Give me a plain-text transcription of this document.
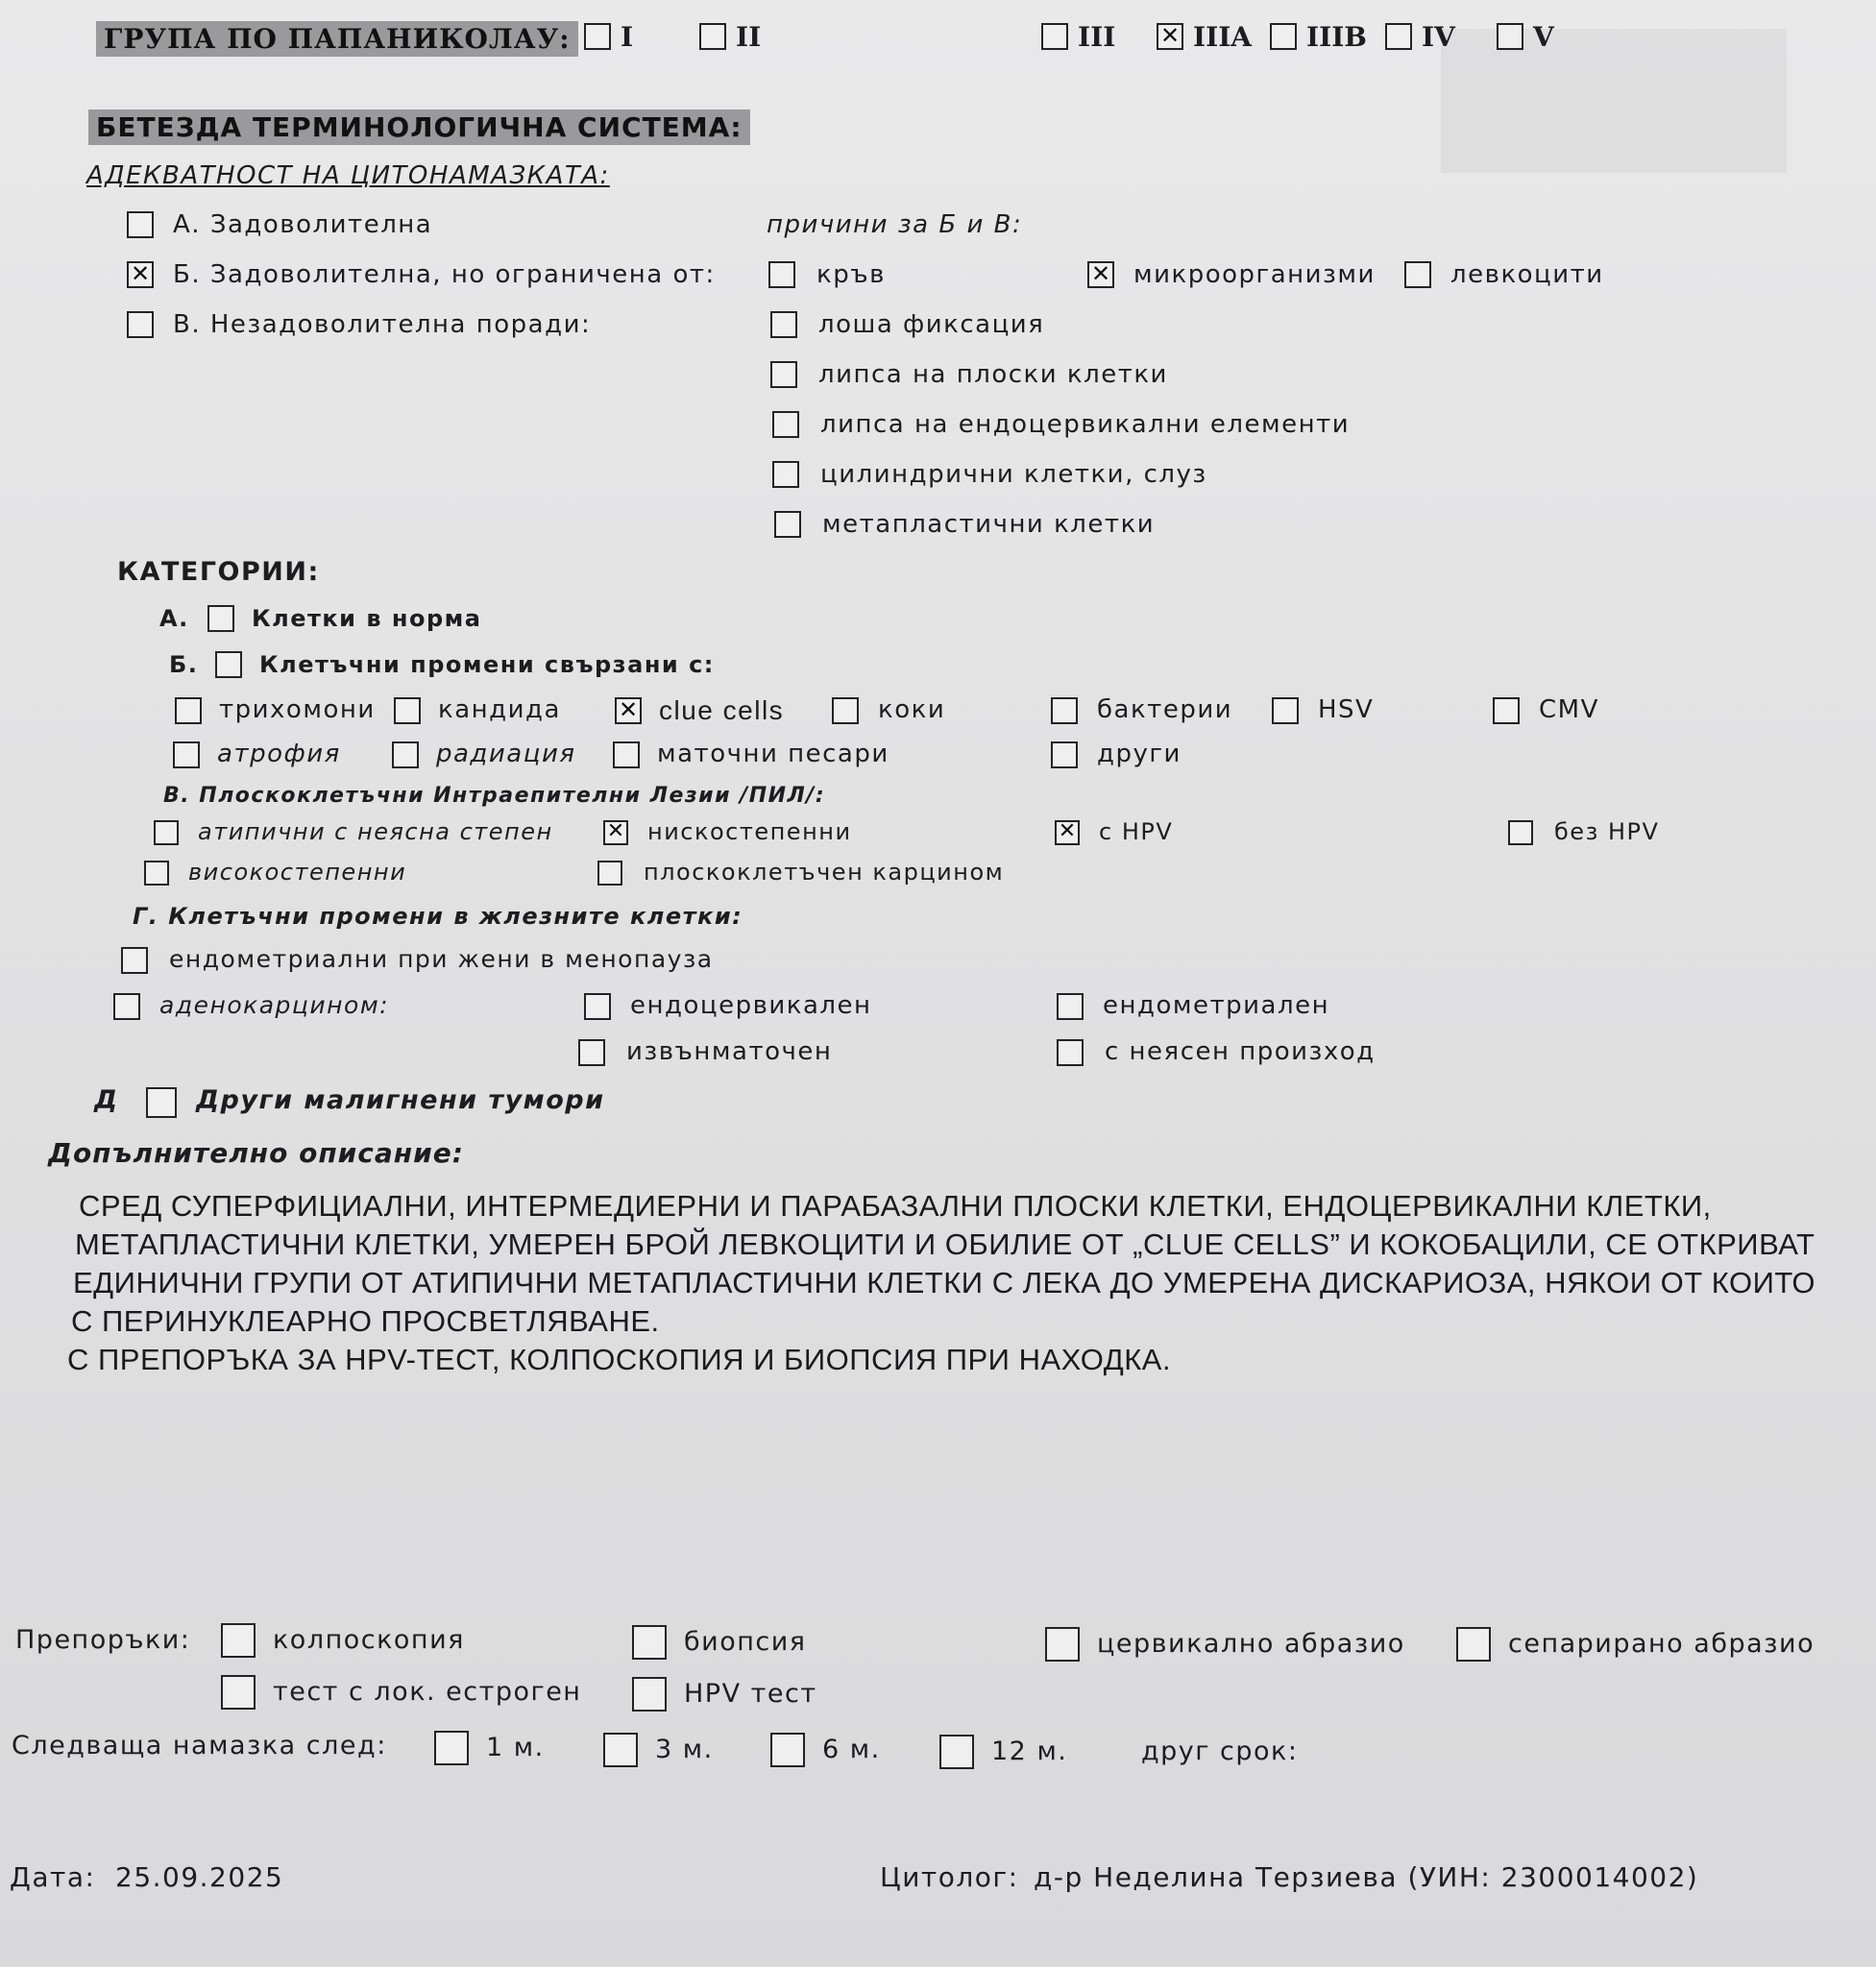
ГРУПА ПО ПАПАНИКОЛАУ: I	II	III ✕ IIIA IIIB IV	V
БЕТЕЗДА ТЕРМИНОЛОГИЧНА СИСТЕМА:
АДЕКВАТНОСТ НА ЦИТОНАМАЗКАТА:
А. Задоволителна
✕ Б. Задоволителна, но ограничена от:
В. Незадоволителна поради:
причини за Б и В:
кръв	✕ микроорганизми	левкоцити
лоша фиксация
липса на плоски клетки
липса на ендоцервикални елементи
цилиндрични клетки, слуз
метапластични клетки
КАТЕГОРИИ:
А.	Клетки в норма
Б.	Клетъчни промени свързани с:
трихомони	кандида	✕ clue cells	коки	бактерии	HSV	CMV
атрофия	радиация	маточни песари	други
В. Плоскоклетъчни Интраепителни Лезии /ПИЛ/:
атипични с неясна степен	✕ нискостепенни	✕ с HPV	без HPV
високостепенни	плоскоклетъчен карцином
Г. Клетъчни промени в жлезните клетки:
ендометриални при жени в менопауза
аденокарцином:	ендоцервикален	ендометриален
извънматочен	с неясен произход
Д	Други малигнени тумори
Допълнително описание:
СРЕД СУПЕРФИЦИАЛНИ, ИНТЕРМЕДИЕРНИ И ПАРАБАЗАЛНИ ПЛОСКИ КЛЕТКИ, ЕНДОЦЕРВИКАЛНИ КЛЕТКИ,
МЕТАПЛАСТИЧНИ КЛЕТКИ, УМЕРЕН БРОЙ ЛЕВКОЦИТИ И ОБИЛИЕ ОТ „CLUE CELLS” И КОКОБАЦИЛИ, СЕ ОТКРИВАТ
ЕДИНИЧНИ ГРУПИ ОТ АТИПИЧНИ МЕТАПЛАСТИЧНИ КЛЕТКИ С ЛЕКА ДО УМЕРЕНА ДИСКАРИОЗА, НЯКОИ ОТ КОИТО
С ПЕРИНУКЛЕАРНО ПРОСВЕТЛЯВАНЕ.
С ПРЕПОРЪКА ЗА HPV-ТЕСТ, КОЛПОСКОПИЯ И БИОПСИЯ ПРИ НАХОДКА.
Препоръки:	колпоскопия	биопсия	цервикално абразио	сепарирано абразио
тест с лок. естроген	HPV тест
Следваща намазка след:	1 м.	3 м.	6 м.	12 м.	друг срок:
Дата: 25.09.2025	Цитолог: д-р Неделина Терзиева (УИН: 2300014002)
